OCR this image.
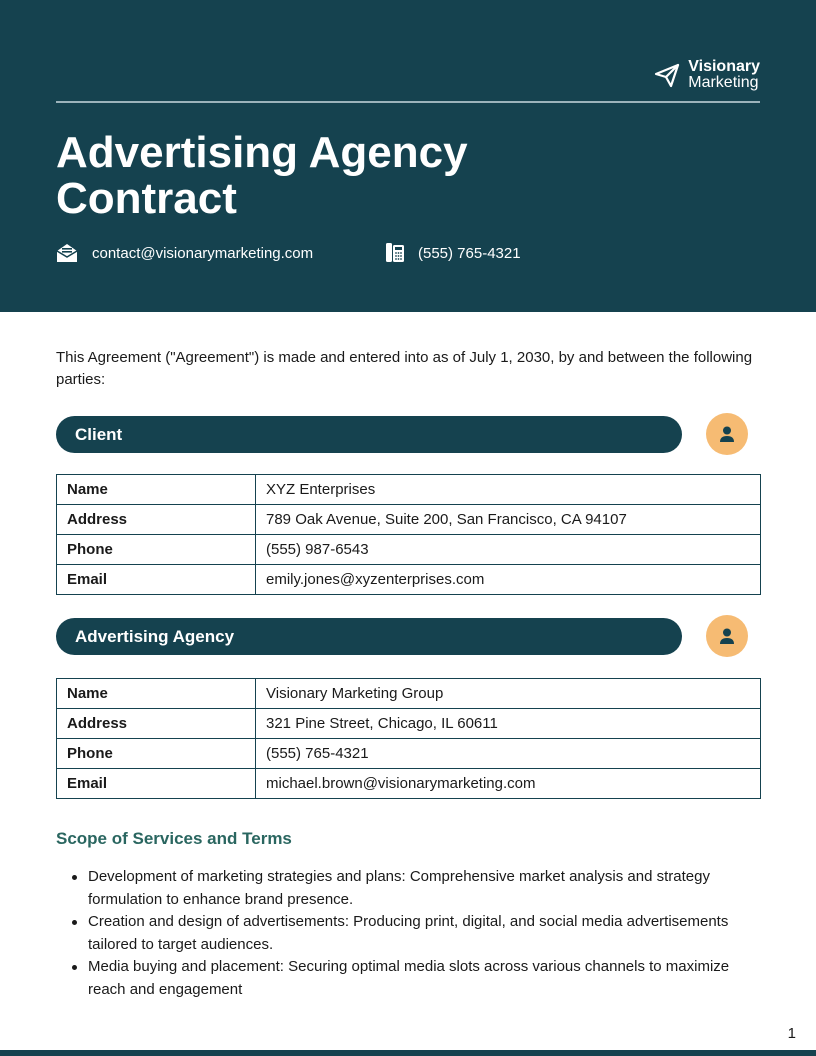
Visionary
Marketing
Advertising Agency
Contract
contact@visionarymarketing.com	(555) 765-4321

This Agreement ("Agreement") is made and entered into as of July 1, 2030, by and between the following parties:

Client
Name	XYZ Enterprises
Address	789 Oak Avenue, Suite 200, San Francisco, CA 94107
Phone	(555) 987-6543
Email	emily.jones@xyzenterprises.com
Advertising Agency
Name	Visionary Marketing Group
Address	321 Pine Street, Chicago, IL 60611
Phone	(555) 765-4321
Email	michael.brown@visionarymarketing.com
Scope of Services and Terms
Development of marketing strategies and plans: Comprehensive market analysis and strategy formulation to enhance brand presence.
Creation and design of advertisements: Producing print, digital, and social media advertisements tailored to target audiences.
Media buying and placement: Securing optimal media slots across various channels to maximize reach and engagement
1
